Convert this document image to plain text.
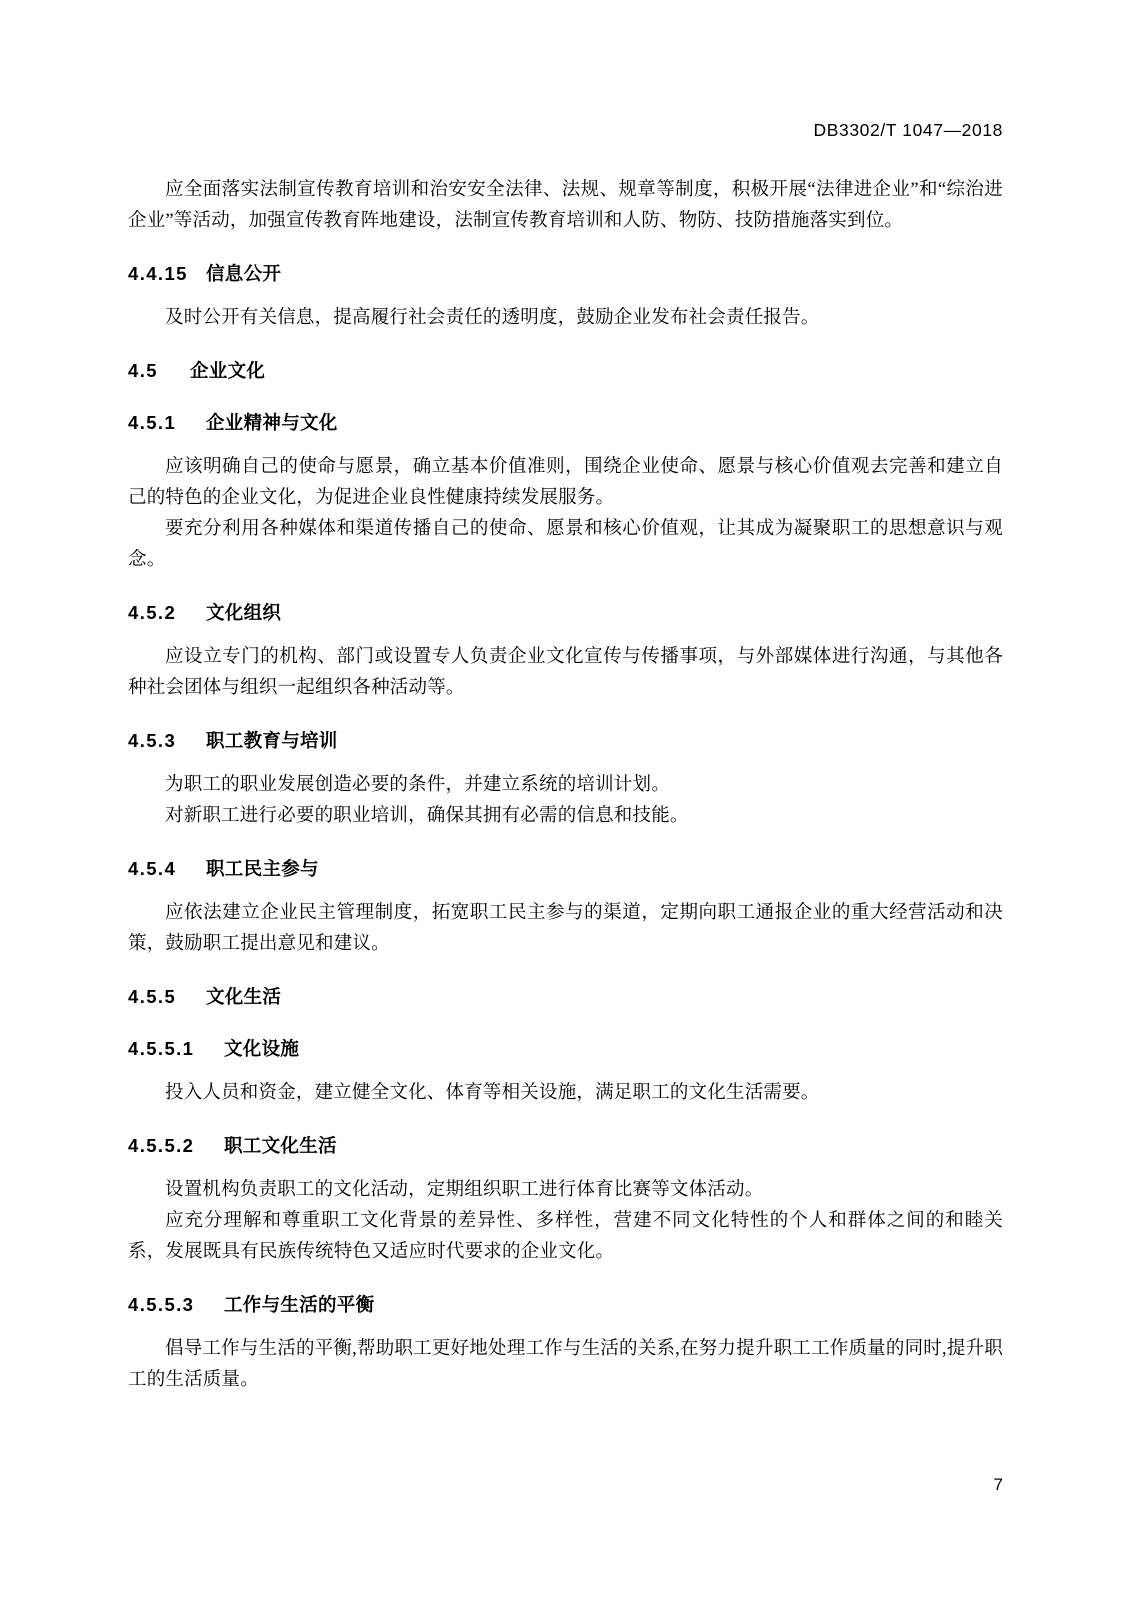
DB3302/T 1047—2018

应全面落实法制宣传教育培训和治安安全法律、法规、规章等制度，积极开展“法律进企业”和“综治进企业”等活动，加强宣传教育阵地建设，法制宣传教育培训和人防、物防、技防措施落实到位。

4.4.15 信息公开

及时公开有关信息，提高履行社会责任的透明度，鼓励企业发布社会责任报告。

4.5 企业文化
4.5.1 企业精神与文化

应该明确自己的使命与愿景，确立基本价值准则，围绕企业使命、愿景与核心价值观去完善和建立自己的特色的企业文化，为促进企业良性健康持续发展服务。

要充分利用各种媒体和渠道传播自己的使命、愿景和核心价值观，让其成为凝聚职工的思想意识与观念。

4.5.2 文化组织

应设立专门的机构、部门或设置专人负责企业文化宣传与传播事项，与外部媒体进行沟通，与其他各种社会团体与组织一起组织各种活动等。

4.5.3 职工教育与培训

为职工的职业发展创造必要的条件，并建立系统的培训计划。

对新职工进行必要的职业培训，确保其拥有必需的信息和技能。

4.5.4 职工民主参与

应依法建立企业民主管理制度，拓宽职工民主参与的渠道，定期向职工通报企业的重大经营活动和决策，鼓励职工提出意见和建议。

4.5.5 文化生活
4.5.5.1 文化设施

投入人员和资金，建立健全文化、体育等相关设施，满足职工的文化生活需要。

4.5.5.2 职工文化生活

设置机构负责职工的文化活动，定期组织职工进行体育比赛等文体活动。

应充分理解和尊重职工文化背景的差异性、多样性，营建不同文化特性的个人和群体之间的和睦关系，发展既具有民族传统特色又适应时代要求的企业文化。

4.5.5.3 工作与生活的平衡

倡导工作与生活的平衡,帮助职工更好地处理工作与生活的关系,在努力提升职工工作质量的同时,提升职工的生活质量。

7
